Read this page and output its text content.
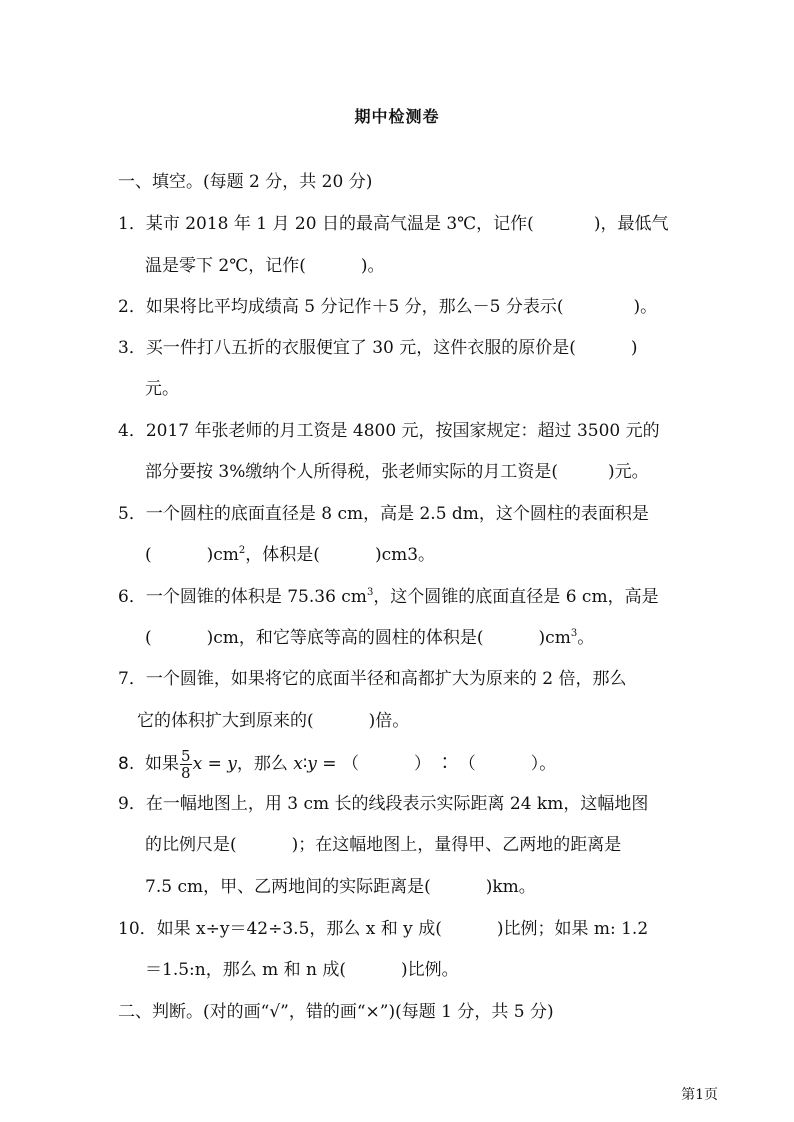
期中检测卷
一、填空。(每题 2 分，共 20 分)
1．某市 2018 年 1 月 20 日的最高气温是 3℃，记作(	)，最低气
温是零下 2℃，记作(	)。
2．如果将比平均成绩高 5 分记作＋5 分，那么－5 分表示(	)。
3．买一件打八五折的衣服便宜了 30 元，这件衣服的原价是(	)
元。
4．2017 年张老师的月工资是 4800 元，按国家规定：超过 3500 元的
部分要按 3%缴纳个人所得税，张老师实际的月工资是(	)元。
5．一个圆柱的底面直径是 8 cm，高是 2.5 dm，这个圆柱的表面积是
(	)$cm^2$，体积是(	)cm3。
6．一个圆锥的体积是 75.36 $cm^3$，这个圆锥的底面直径是 6 cm，高是
(	)cm，和它等底等高的圆柱的体积是(	)$cm^3$。
7．一个圆锥，如果将它的底面半径和高都扩大为原来的 2 倍，那么
它的体积扩大到原来的(	)倍。
8. 如果 $\frac{5}{8}$ x = y，那么 x∶y = （	） ∶ （	）。
9．在一幅地图上，用 3 cm 长的线段表示实际距离 24 km，这幅地图
的比例尺是(	)；在这幅地图上，量得甲、乙两地的距离是
7.5 cm，甲、乙两地间的实际距离是(	)km。
10．如果 x÷y＝42÷3.5，那么 x 和 y 成(	)比例；如果 m: 1.2
＝1.5:n，那么 m 和 n 成(	)比例。
二、判断。(对的画“√”，错的画“×”)(每题 1 分，共 5 分)
第1页
